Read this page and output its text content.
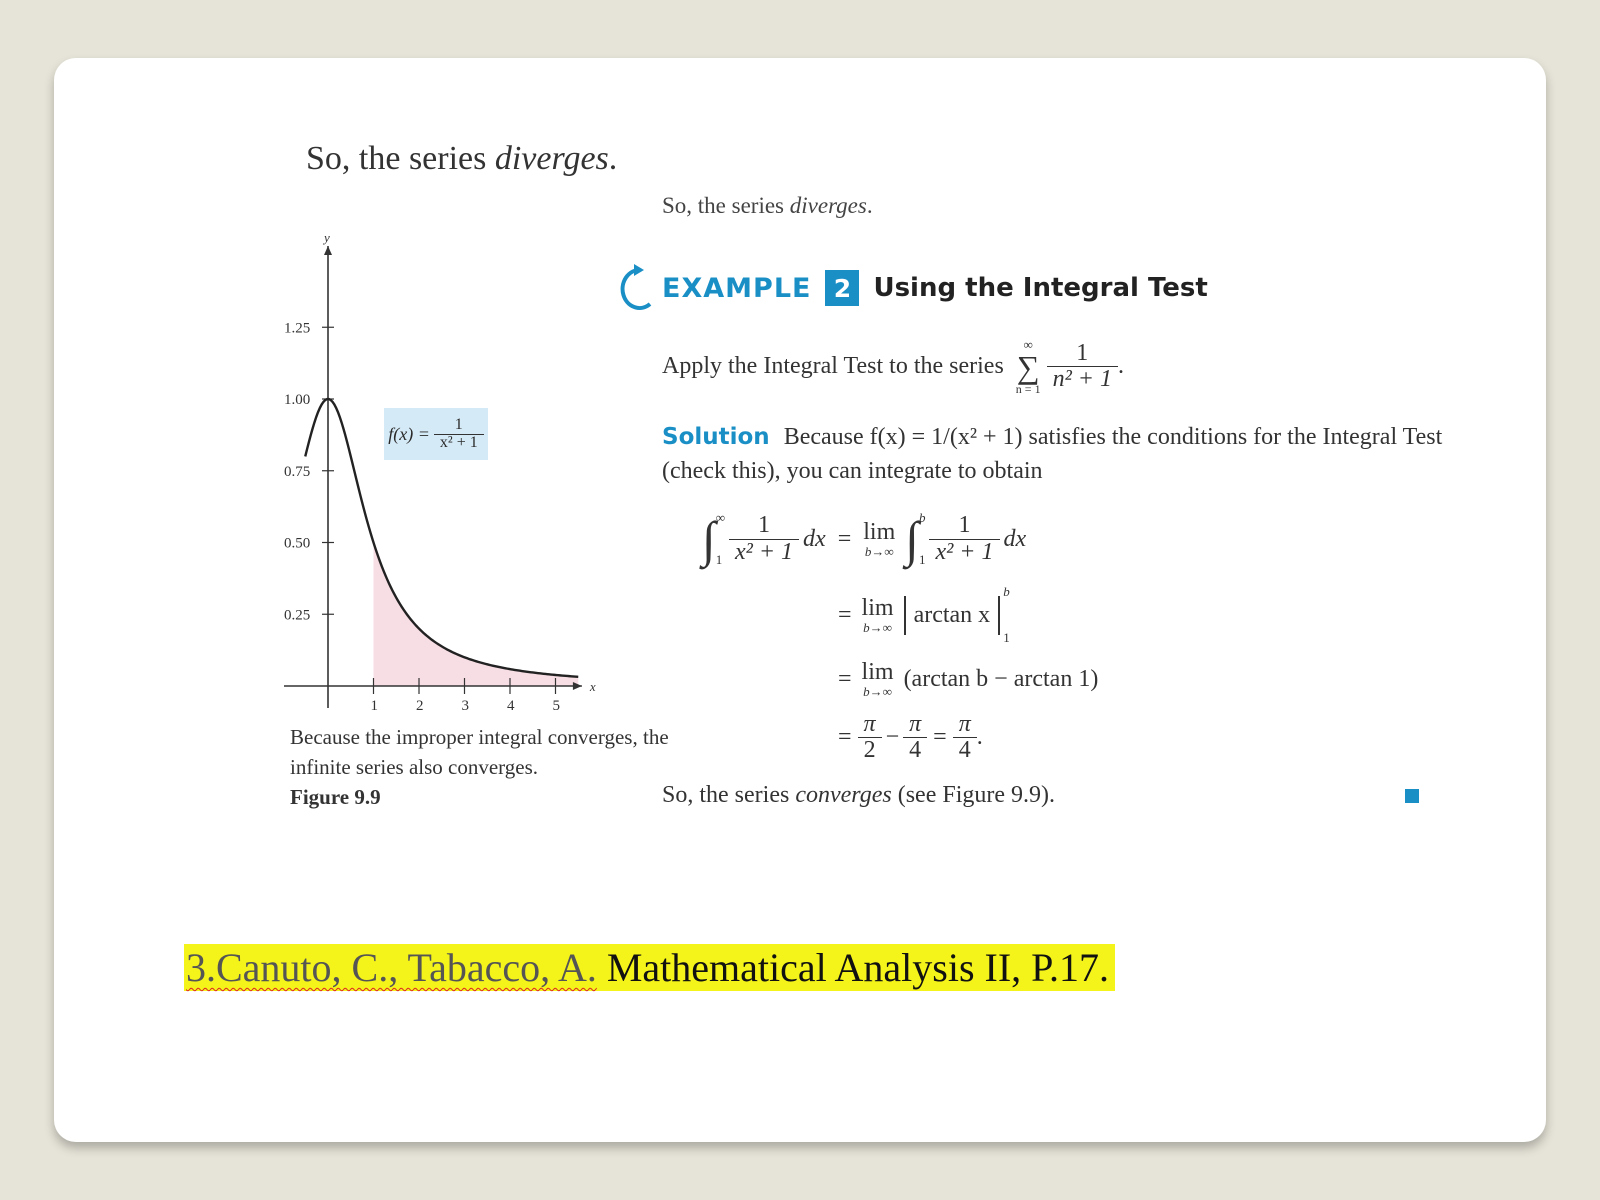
So, the series diverges.
x
y
1	2	3	4	5
0.25
0.50
0.75
1.00
1.25
$f(x) = \frac{1}{\text{x² + 1}}$
Because the improper integral converges, the
infinite series also converges.
Figure 9.9
So, the series diverges.
EXAMPLE 2 Using the Integral Test
Apply the Integral Test to the series
∞
∑
$n = 1 \frac{1}{\text{n² + 1}}$ .
Solution Because f(x) = 1/(x² + 1) satisfies the conditions for the Integral Test
(check this), you can integrate to obtain
∫ ∞
$1 \frac{1}{\text{x² + 1}}$ dx = lim
b→∞ ∫ b
$1 \frac{1}{\text{x² + 1}}$ dx
= lim
b→∞ arctan x
b
1
= lim
b→∞ (arctan b − arctan 1)
= $\frac{\pi}{2} - \frac{\pi}{4} = \frac{\pi}{4}$ .
So, the series converges (see Figure 9.9).
3.Canuto, C., Tabacco, A. Mathematical Analysis II, P.17.
